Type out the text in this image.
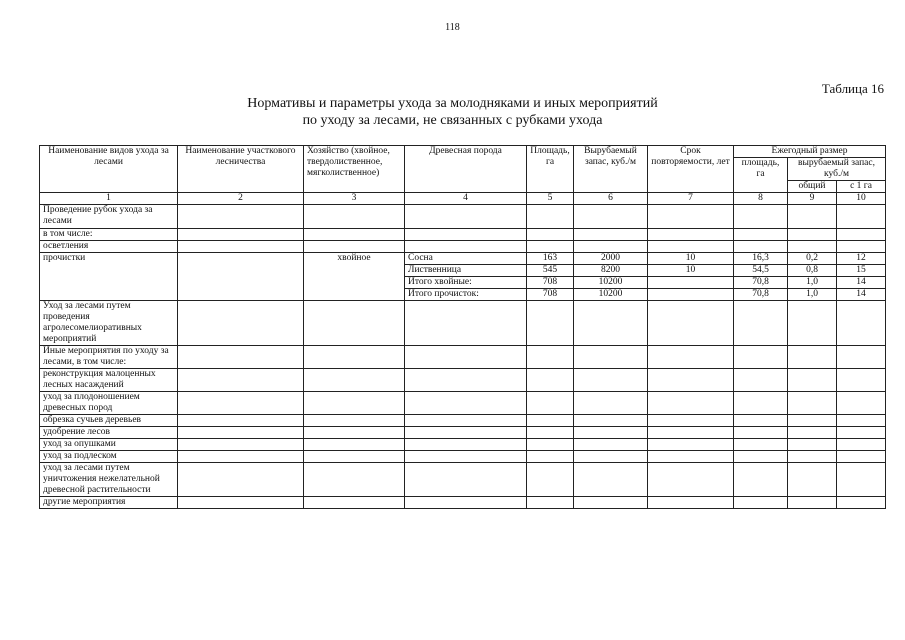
118
Таблица 16
Нормативы и параметры ухода за молодняками и иных мероприятий
по уходу за лесами, не связанных с рубками ухода
Наименование видов ухода за лесами	Наименование участкового лесничества	Хозяйство (хвойное, твердолиственное, мягколиственное)	Древесная порода	Площадь, га	Вырубаемый запас, куб./м	Срок повторяемости, лет	Ежегодный размер		
							площадь, га	вырубаемый запас, куб./м	
								общий	с 1 га
1	2	3	4	5	6	7	8	9	10
Проведение рубок ухода за лесами									
в том числе:									
осветления									
прочистки		хвойное	Сосна	163	2000	10	16,3	0,2	12
			Лиственница	545	8200	10	54,5	0,8	15
			Итого хвойные:	708	10200		70,8	1,0	14
			Итого прочисток:	708	10200		70,8	1,0	14
Уход за лесами путем проведения агролесомелиоративных мероприятий									
Иные мероприятия по уходу за лесами, в том числе:									
реконструкция малоценных лесных насаждений									
уход за плодоношением древесных пород									
обрезка сучьев деревьев									
удобрение лесов									
уход за опушками									
уход за подлеском									
уход за лесами путем уничтожения нежелательной древесной растительности									
другие мероприятия									
